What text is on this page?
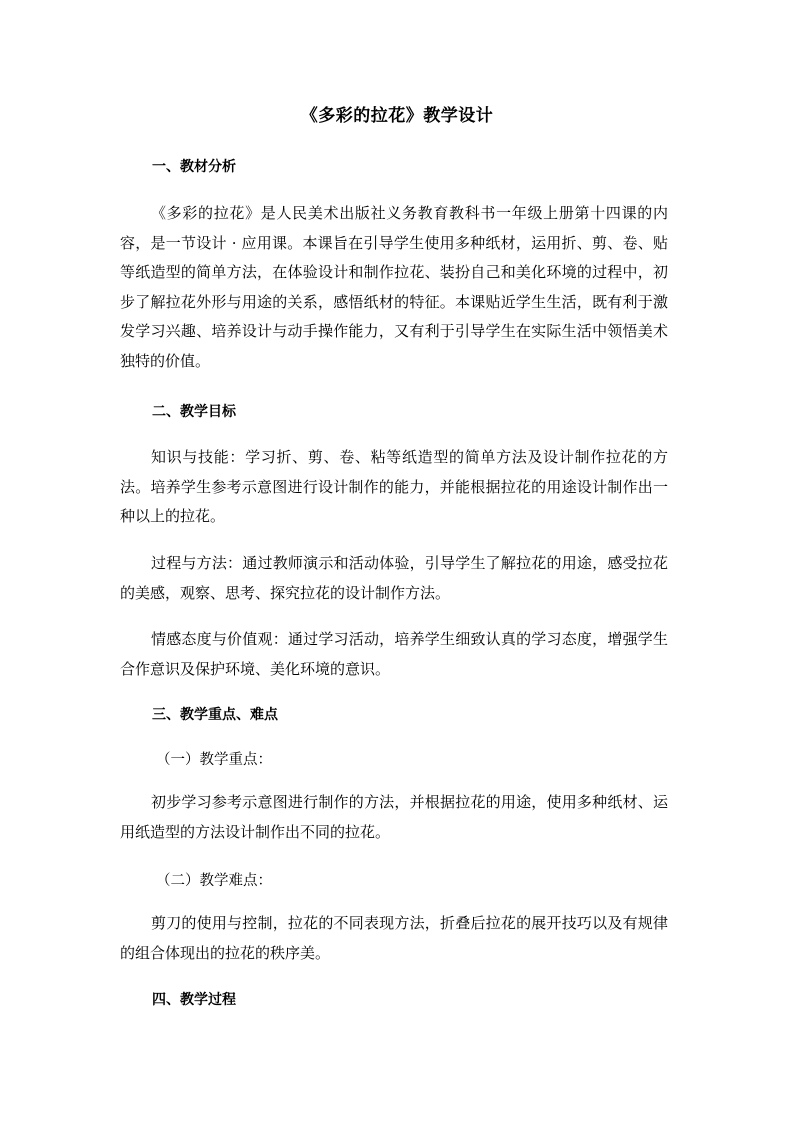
《多彩的拉花》教学设计
一、教材分析

《多彩的拉花》是人民美术出版社义务教育教科书一年级上册第十四课的内容，是一节设计 · 应用课。本课旨在引导学生使用多种纸材，运用折、剪、卷、贴等纸造型的简单方法，在体验设计和制作拉花、装扮自己和美化环境的过程中，初步了解拉花外形与用途的关系，感悟纸材的特征。本课贴近学生生活，既有利于激发学习兴趣、培养设计与动手操作能力，又有利于引导学生在实际生活中领悟美术独特的价值。

二、教学目标

知识与技能：学习折、剪、卷、粘等纸造型的简单方法及设计制作拉花的方法。培养学生参考示意图进行设计制作的能力，并能根据拉花的用途设计制作出一种以上的拉花。

过程与方法：通过教师演示和活动体验，引导学生了解拉花的用途，感受拉花的美感，观察、思考、探究拉花的设计制作方法。

情感态度与价值观：通过学习活动，培养学生细致认真的学习态度，增强学生合作意识及保护环境、美化环境的意识。

三、教学重点、难点
（一）教学重点：

初步学习参考示意图进行制作的方法，并根据拉花的用途，使用多种纸材、运用纸造型的方法设计制作出不同的拉花。

（二）教学难点：

剪刀的使用与控制，拉花的不同表现方法，折叠后拉花的展开技巧以及有规律的组合体现出的拉花的秩序美。

四、教学过程
